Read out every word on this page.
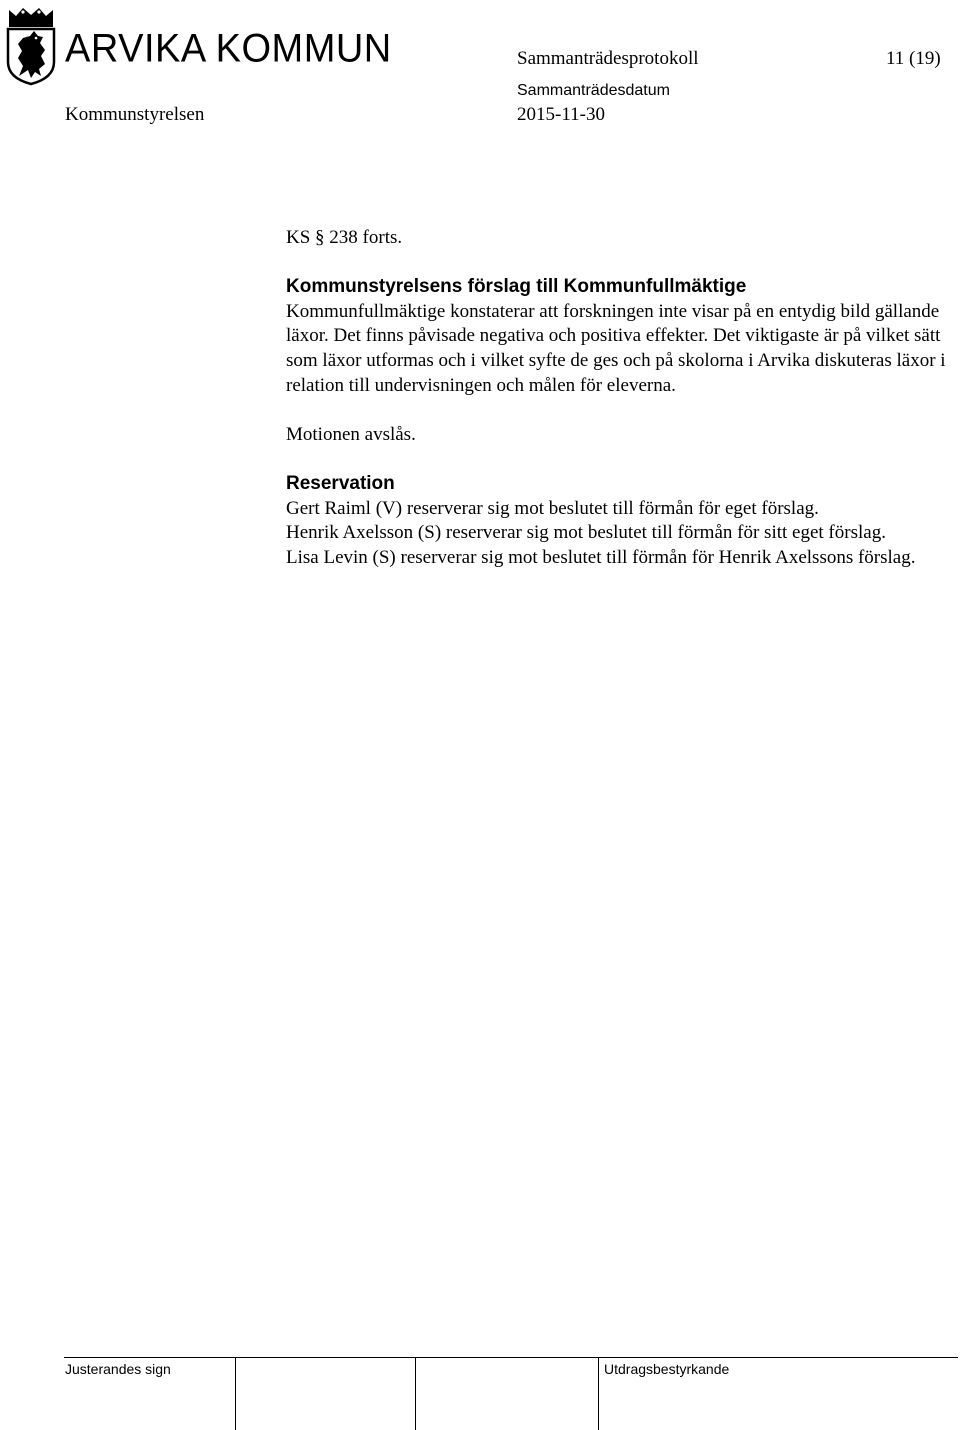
ARVIKA KOMMUN	Sammanträdesprotokoll	11 (19)
Sammanträdesdatum
Kommunstyrelsen	2015-11-30

KS § 238 forts.

Kommunstyrelsens förslag till Kommunfullmäktige

Kommunfullmäktige konstaterar att forskningen inte visar på en entydig bild gällande läxor. Det finns påvisade negativa och positiva effekter. Det viktigaste är på vilket sätt som läxor utformas och i vilket syfte de ges och på skolorna i Arvika diskuteras läxor i relation till undervisningen och målen för eleverna.

Motionen avslås.

Reservation

Gert Raiml (V) reserverar sig mot beslutet till förmån för eget förslag.

Henrik Axelsson (S) reserverar sig mot beslutet till förmån för sitt eget förslag.

Lisa Levin (S) reserverar sig mot beslutet till förmån för Henrik Axelssons förslag.

Justerandes sign	Utdragsbestyrkande
